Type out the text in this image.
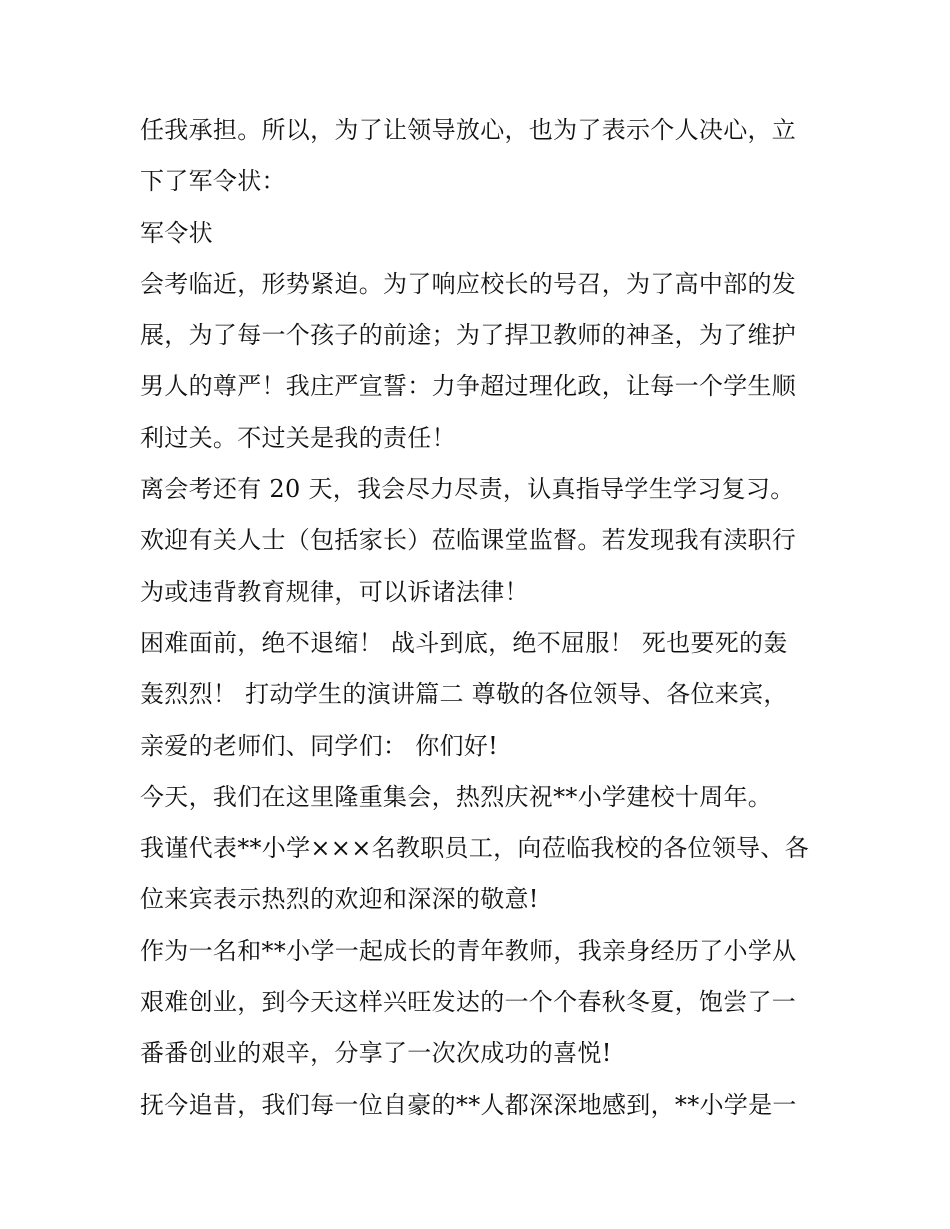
任我承担。所以，为了让领导放心，也为了表示个人决心，立
下了军令状：
军令状
会考临近，形势紧迫。为了响应校长的号召，为了高中部的发
展，为了每一个孩子的前途；为了捍卫教师的神圣，为了维护
男人的尊严！我庄严宣誓：力争超过理化政，让每一个学生顺
利过关。不过关是我的责任！
离会考还有 20 天，我会尽力尽责，认真指导学生学习复习。
欢迎有关人士（包括家长）莅临课堂监督。若发现我有渎职行
为或违背教育规律，可以诉诸法律！
困难面前，绝不退缩！ 战斗到底，绝不屈服！ 死也要死的轰
轰烈烈！ 打动学生的演讲篇二 尊敬的各位领导、各位来宾，
亲爱的老师们、同学们： 你们好!
今天，我们在这里隆重集会，热烈庆祝**小学建校十周年。
我谨代表**小学×××名教职员工，向莅临我校的各位领导、各
位来宾表示热烈的欢迎和深深的敬意!
作为一名和**小学一起成长的青年教师，我亲身经历了小学从
艰难创业，到今天这样兴旺发达的一个个春秋冬夏，饱尝了一
番番创业的艰辛，分享了一次次成功的喜悦!
抚今追昔，我们每一位自豪的**人都深深地感到，**小学是一
